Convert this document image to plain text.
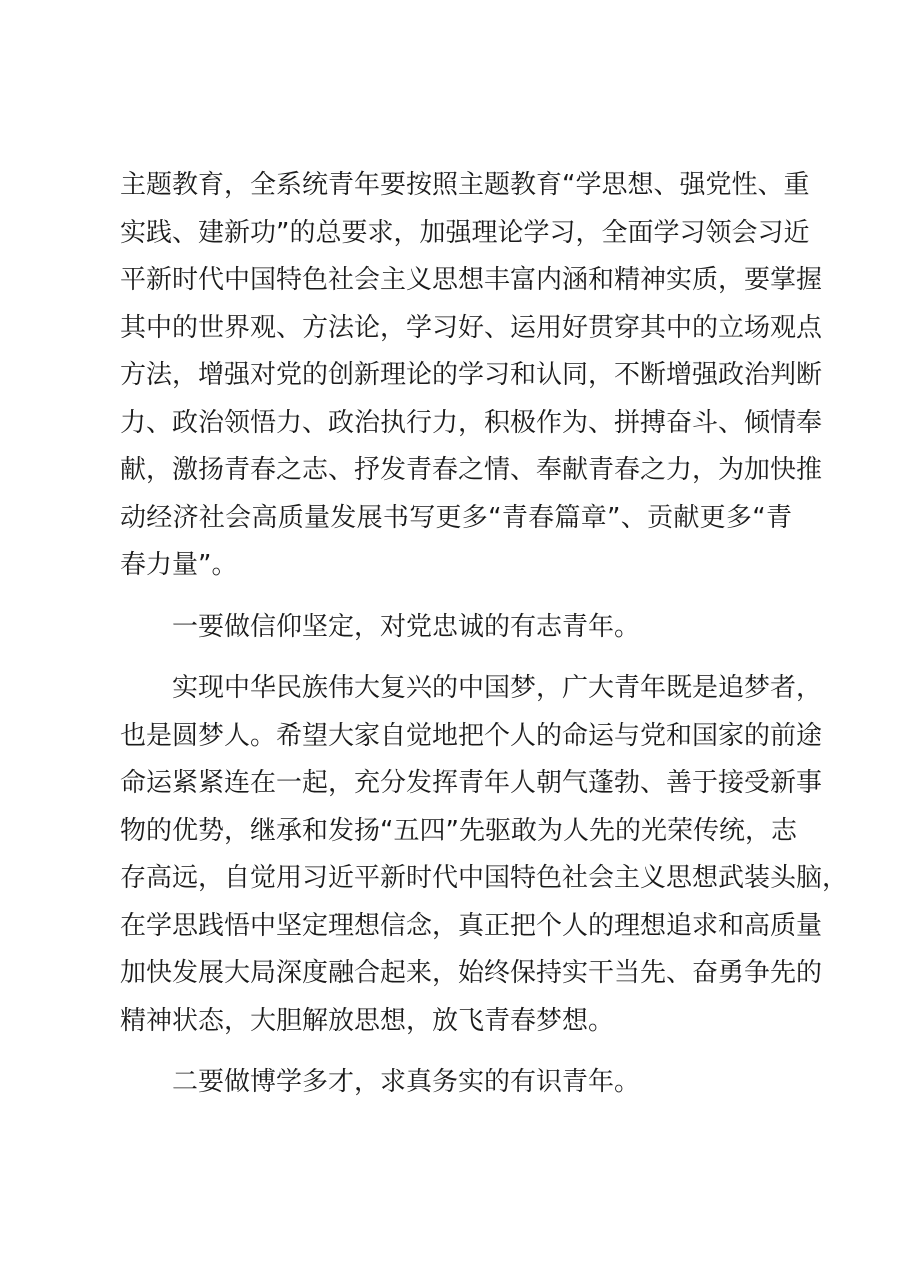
主题教育，全系统青年要按照主题教育“学思想、强党性、重
实践、建新功”的总要求，加强理论学习，全面学习领会习近
平新时代中国特色社会主义思想丰富内涵和精神实质，要掌握
其中的世界观、方法论，学习好、运用好贯穿其中的立场观点
方法，增强对党的创新理论的学习和认同，不断增强政治判断
力、政治领悟力、政治执行力，积极作为、拼搏奋斗、倾情奉
献，激扬青春之志、抒发青春之情、奉献青春之力，为加快推
动经济社会高质量发展书写更多“青春篇章”、贡献更多“青
春力量”。
一要做信仰坚定，对党忠诚的有志青年。
实现中华民族伟大复兴的中国梦，广大青年既是追梦者，
也是圆梦人。希望大家自觉地把个人的命运与党和国家的前途
命运紧紧连在一起，充分发挥青年人朝气蓬勃、善于接受新事
物的优势，继承和发扬“五四”先驱敢为人先的光荣传统，志
存高远，自觉用习近平新时代中国特色社会主义思想武装头脑，
在学思践悟中坚定理想信念，真正把个人的理想追求和高质量
加快发展大局深度融合起来，始终保持实干当先、奋勇争先的
精神状态，大胆解放思想，放飞青春梦想。
二要做博学多才，求真务实的有识青年。
